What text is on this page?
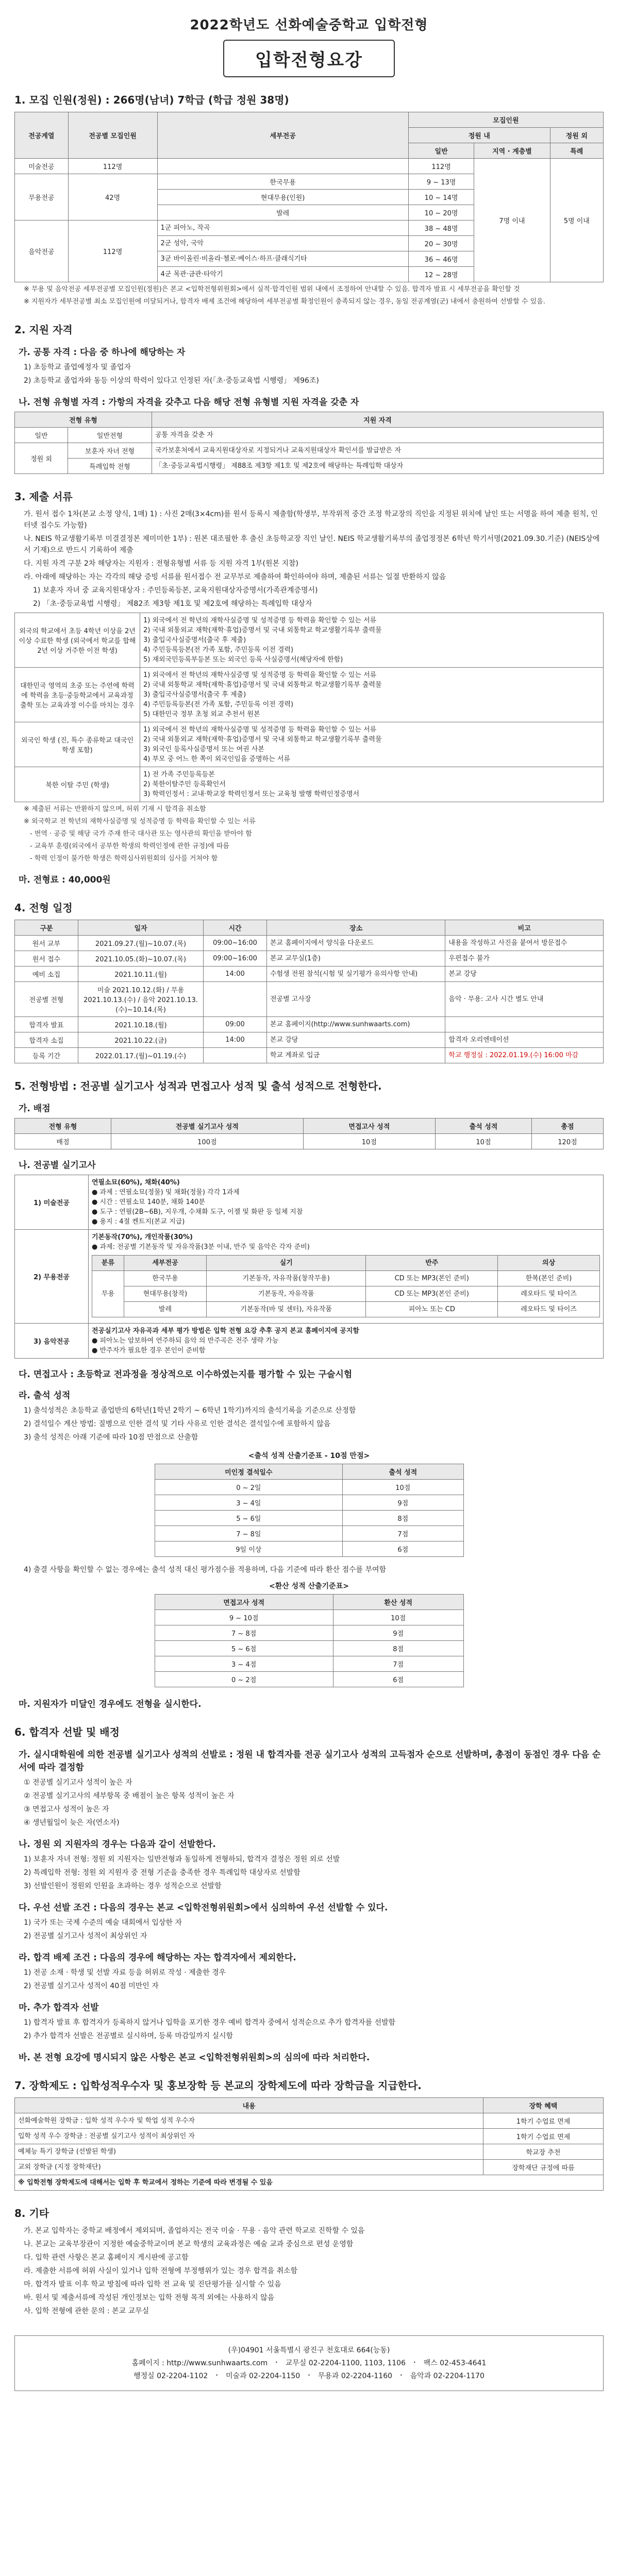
2022학년도 선화예술중학교 입학전형
입학전형요강
1. 모집 인원(정원) : 266명(남녀) 7학급 (학급 정원 38명)
전공계열	전공별 모집인원	세부전공	모집인원		
			정원 내		정원 외
			일반	지역 · 계층별	특례
미술전공	112명		112명	7명 이내	5명 이내
무용전공	42명	한국무용	9 ~ 13명		
		현대무용(인원)	10 ~ 14명		
		발레	10 ~ 20명		
음악전공	112명	1군 피아노, 작곡	38 ~ 48명		
		2군 성악, 국악	20 ~ 30명		
		3군 바이올린·비올라·첼로·베이스·하프·클래식기타	36 ~ 46명		
		4군 목관·금관·타악기	12 ~ 28명		
※ 무용 및 음악전공 세부전공별 모집인원(정원)은 본교 <입학전형위원회>에서 실적·합격인원 범위 내에서 조정하여 안내할 수 있음. 합격자 발표 시 세부전공을 확인할 것
※ 지원자가 세부전공별 최소 모집인원에 미달되거나, 합격자 배제 조건에 해당하여 세부전공별 확정인원이 충족되지 않는 경우, 동일 전공계열(군) 내에서 충원하여 선발할 수 있음.
2. 지원 자격
가. 공통 자격 : 다음 중 하나에 해당하는 자
1) 초등학교 졸업예정자 및 졸업자
2) 초등학교 졸업자와 동등 이상의 학력이 있다고 인정된 자(「초·중등교육법 시행령」 제96조)
나. 전형 유형별 자격 : 가항의 자격을 갖추고 다음 해당 전형 유형별 지원 자격을 갖춘 자
전형 유형		지원 자격
일반	일반전형	공통 자격을 갖춘 자
정원 외	보훈자 자녀 전형	국가보훈처에서 교육지원대상자로 지정되거나 교육지원대상자 확인서를 발급받은 자
	특례입학 전형	「초·중등교육법시행령」 제88조 제3항 제1호 및 제2호에 해당하는 특례입학 대상자
3. 제출 서류
가. 원서 접수 1차(본교 소정 양식, 1매) 1) : 사진 2매(3×4cm)를 원서 등록시 제출함(학생부, 부작위적 중간 조정 학교장의 직인을 지정된 위치에 날인 또는 서명을 하여 제출 원칙, 인터넷 접수도 가능함)
나. NEIS 학교생활기록부 미결결정본 제미미한 1부) : 원본 대조필한 후 출신 초등학교장 직인 날인. NEIS 학교생활기록부의 졸업정정본 6학년 학기서명(2021.09.30.기준) (NEIS상에서 기재)으로 반드시 기록하여 제출
다. 지원 자격 구분 2차 해당자는 지원자 : 전형유형별 서류 등 지원 자격 1부(원본 지참)
라. 아래에 해당하는 자는 각각의 해당 증빙 서류를 원서접수 전 교무부로 제출하여 확인하여야 하며, 제출된 서류는 일절 반환하지 않음
1) 보훈자 자녀 중 교육지원대상자 : 주민등록등본, 교육지원대상자증명서(가족관계증명서)
2) 「초·중등교육법 시행령」 제82조 제3항 제1호 및 제2호에 해당하는 특례입학 대상자
외국의 학교에서 초등 4학년 이상을 2년 이상 수료한 학생 (외국에서 학교를 합해 2년 이상 거주한 이전 학생)	1) 외국에서 전 학년의 재학사실증명 및 성적증명 등 학력을 확인할 수 있는 서류
2) 국내 외통외교 재학(재학·휴업)증명서 및 국내 외통학교 학교생활기록부 출력물
3) 출입국사실증명서(출국 후 제출)
4) 주민등록등본(전 가족 포함, 주민등록 이전 경력)
5) 재외국민등록부등본 또는 외국인 등록 사실증명서(해당자에 한함)
대한민국 영역의 초중 또는 주연에 학력에 학력을 초등·중등학교에서 교육과정 출학 또는 교육과정 이수를 마치는 경우	1) 외국에서 전 학년의 재학사실증명 및 성적증명 등 학력을 확인할 수 있는 서류
2) 국내 외통학교 재학(재학·휴업)증명서 및 국내 외통학교 학교생활기록부 출력물
3) 출입국사실증명서(출국 후 제출)
4) 주민등록등본(전 가족 포함, 주민등록 이전 경력)
5) 대한민국 정부 초청 외교 추천서 원본
외국인 학생 (진, 특수 종류학교 대국인 학생 포함)	1) 외국에서 전 학년의 재학사실증명 및 성적증명 등 학력을 확인할 수 있는 서류
2) 국내 외통외교 재학(재학·휴업)증명서 및 국내 외통학교 학교생활기록부 출력물
3) 외국인 등록사실증명서 또는 여권 사본
4) 부모 중 어느 한 쪽이 외국인임을 증명하는 서류
북한 이탈 주민 (학생)	1) 전 가족 주민등록등본
2) 북한이탈주민 등록확인서
3) 학력인정서 : 교내·학교장 학력인정서 또는 교육청 발행 학력인정증명서
※ 제출된 서류는 반환하지 않으며, 허위 기재 시 합격을 취소함
※ 외국학교 전 학년의 재학사실증명 및 성적증명 등 학력을 확인할 수 있는 서류
- 번역 · 공증 및 해당 국가 주재 한국 대사관 또는 영사관의 확인을 받아야 함
- 교육부 훈령(외국에서 공부한 학생의 학력인정에 관한 규정)에 따름
- 학력 인정이 불가한 학생은 학력심사위원회의 심사를 거쳐야 함
마. 전형료 : 40,000원
4. 전형 일정
구분	일자	시간	장소	비고
원서 교부	2021.09.27.(월)~10.07.(목)	09:00~16:00	본교 홈페이지에서 양식을 다운로드	내용을 작성하고 사진을 붙여서 방문접수
원서 접수	2021.10.05.(화)~10.07.(목)	09:00~16:00	본교 교무실(1층)	우편접수 불가
예비 소집	2021.10.11.(월)	14:00	수험생 전원 참석(시험 및 실기평가 유의사항 안내)	본교 강당
전공별 전형	미술 2021.10.12.(화) / 무용 2021.10.13.(수) / 음악 2021.10.13.(수)~10.14.(목)		전공별 고사장	음악 · 무용: 고사 시간 별도 안내
합격자 발표	2021.10.18.(월)	09:00	본교 홈페이지(http://www.sunhwaarts.com)	
합격자 소집	2021.10.22.(금)	14:00	본교 강당	합격자 오리엔테이션
등록 기간	2022.01.17.(월)~01.19.(수)		학교 계좌로 입금	학교 행정실 : 2022.01.19.(수) 16:00 마감
5. 전형방법 : 전공별 실기고사 성적과 면접고사 성적 및 출석 성적으로 전형한다.
가. 배점
전형 유형	전공별 실기고사 성적	면접고사 성적	출석 성적	총점
배점	100점	10점	10점	120점
나. 전공별 실기고사
1) 미술전공	
연필소묘(60%), 채화(40%)
● 과제 : 연필소묘(정물) 및 채화(정물) 각각 1과제
● 시간 : 연필소묘 140분, 채화 140분
● 도구 : 연필(2B~6B), 지우개, 수채화 도구, 이젤 및 화판 등 일체 지참
● 용지 : 4절 켄트지(본교 지급)

2) 무용전공	
기본동작(70%), 개인작품(30%)
● 과제: 전공별 기본동작 및 자유작품(3분 이내, 반주 및 음악은 각자 준비)
분류	세부전공	실기	반주	의상
무용	한국무용	기본동작, 자유작품(창작무용)	CD 또는 MP3(본인 준비)	한복(본인 준비)
현대무용(창작)	기본동작, 자유작품	CD 또는 MP3(본인 준비)	레오타드 및 타이즈
발레	기본동작(바 및 센터), 자유작품	피아노 또는 CD	레오타드 및 타이즈

3) 음악전공	
전공실기고사 자유곡과 세부 평가 방법은 입학 전형 요강 추후 공지 본교 홈페이지에 공지함
● 피아노는 암보하여 연주하되 음악 의 반주곡은 전주 생략 가능
● 반주자가 필요한 경우 본인이 준비함
다. 면접고사 : 초등학교 전과정을 정상적으로 이수하였는지를 평가할 수 있는 구술시험
라. 출석 성적
1) 출석성적은 초등학교 졸업반의 6학년(1학년 2학기 ~ 6학년 1학기)까지의 출석기록을 기준으로 산정함
2) 결석일수 계산 방법: 질병으로 인한 결석 및 기타 사유로 인한 결석은 결석일수에 포함하지 않음
3) 출석 성적은 아래 기준에 따라 10점 만점으로 산출함
<출석 성적 산출기준표 - 10점 만점>
미인정 결석일수	출석 성적
0 ~ 2일	10점
3 ~ 4일	9점
5 ~ 6일	8점
7 ~ 8일	7점
9일 이상	6점
4) 출결 사항을 확인할 수 없는 경우에는 출석 성적 대신 평가점수를 적용하며, 다음 기준에 따라 환산 점수를 부여함
<환산 성적 산출기준표>
면접고사 성적	환산 성적
9 ~ 10점	10점
7 ~ 8점	9점
5 ~ 6점	8점
3 ~ 4점	7점
0 ~ 2점	6점
마. 지원자가 미달인 경우에도 전형을 실시한다.
6. 합격자 선발 및 배정
가. 실시대학원에 의한 전공별 실기고사 성적의 선발로 : 정원 내 합격자를 전공 실기고사 성적의 고득점자 순으로 선발하며, 총점이 동점인 경우 다음 순서에 따라 결정함
① 전공별 실기고사 성적이 높은 자
② 전공별 실기고사의 세부항목 중 배점이 높은 항목 성적이 높은 자
③ 면접고사 성적이 높은 자
④ 생년월일이 늦은 자(연소자)
나. 정원 외 지원자의 경우는 다음과 같이 선발한다.
1) 보훈자 자녀 전형: 정원 외 지원자는 일반전형과 동일하게 전형하되, 합격자 결정은 정원 외로 선발
2) 특례입학 전형: 정원 외 지원자 중 전형 기준을 충족한 경우 특례입학 대상자로 선발함
3) 선발인원이 정원외 인원을 초과하는 경우 성적순으로 선발함
다. 우선 선발 조건 : 다음의 경우는 본교 <입학전형위원회>에서 심의하여 우선 선발할 수 있다.
1) 국가 또는 국제 수준의 예술 대회에서 입상한 자
2) 전공별 실기고사 성적이 최상위인 자
라. 합격 배제 조건 : 다음의 경우에 해당하는 자는 합격자에서 제외한다.
1) 전공 소재 · 학생 및 선발 자료 등을 허위로 작성 · 제출한 경우
2) 전공별 실기고사 성적이 40점 미만인 자
마. 추가 합격자 선발
1) 합격자 발표 후 합격자가 등록하지 않거나 입학을 포기한 경우 예비 합격자 중에서 성적순으로 추가 합격자를 선발함
2) 추가 합격자 선발은 전공별로 실시하며, 등록 마감일까지 실시함
바. 본 전형 요강에 명시되지 않은 사항은 본교 <입학전형위원회>의 심의에 따라 처리한다.
7. 장학제도 : 입학성적우수자 및 홍보장학 등 본교의 장학제도에 따라 장학금을 지급한다.
내용	장학 혜택
선화예술학원 장학금 : 입학 성적 우수자 및 학업 성적 우수자	1학기 수업료 면제
입학 성적 우수 장학금 : 전공별 실기고사 성적이 최상위인 자	1학기 수업료 면제
예체능 특기 장학금 (선발된 학생)	학교장 추천
교외 장학금 (지정 장학재단)	장학재단 규정에 따름
※ 입학전형 장학제도에 대해서는 입학 후 학교에서 정하는 기준에 따라 변경될 수 있음	
8. 기타
가. 본교 입학자는 중학교 배정에서 제외되며, 졸업하지는 전국 미술 · 무용 · 음악 관련 학교로 진학할 수 있음
나. 본교는 교육부장관이 지정한 예술중학교이며 본교 학생의 교육과정은 예술 교과 중심으로 편성 운영함
다. 입학 관련 사항은 본교 홈페이지 게시판에 공고함
라. 제출한 서류에 허위 사실이 있거나 입학 전형에 부정행위가 있는 경우 합격을 취소함
마. 합격자 발표 이후 학교 방침에 따라 입학 전 교육 및 진단평가를 실시할 수 있음
바. 원서 및 제출서류에 작성된 개인정보는 입학 전형 목적 외에는 사용하지 않음
사. 입학 전형에 관한 문의 : 본교 교무실
(우)04901 서울특별시 광진구 천호대로 664(능동)
홈페이지 : http://www.sunhwaarts.com · 교무실 02-2204-1100, 1103, 1106 · 팩스 02-453-4641
행정실 02-2204-1102 · 미술과 02-2204-1150 · 무용과 02-2204-1160 · 음악과 02-2204-1170
